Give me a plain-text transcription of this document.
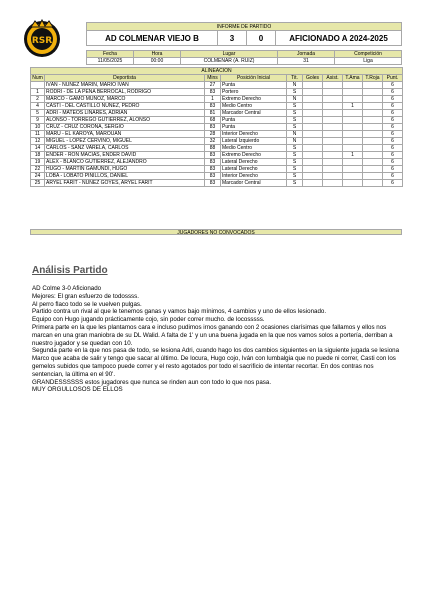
RSR
INFORME DE PARTIDO
AD COLMENAR VIEJO B	3	0	AFICIONADO A 2024-2025
Fecha	Hora	Lugar	Jornada	Competición
11/05/2025	00:00	COLMENAR (A. RUIZ)	31	Liga
ALINEACIÓN									
Num	Deportista	Mins	Posición Inicial	Tit.	Goles	Asist.	T.Ama	T.Roja	Punt.
	IVÁN - NUÑEZ MARIN, MARIO IVAN	27	Punta	N					6
1	RODRI - DE LA PEÑA BERROCAL, RODRIGO	83	Portero	S					6
2	MARCO - GAMO MUÑOZ, MARCO	1	Extremo Derecho	N					6
4	CASTI - DEL CASTILLO NUÑEZ, PEDRO	83	Medio Centro	S			1		6
5	ADRI - MATEOS LINARES, ADRIAN	81	Marcador Central	S					6
9	ALONSO - TORREGO GUTIERREZ, ALONSO	68	Punta	S					6
10	CRUZ - CRUZ CORONA, SERGIO	83	Punta	S					6
11	MARU - EL KAROYA, MAROUAN	28	Interior Derecho	N					6
12	MIGUEL - LOPEZ CERVIÑO, MIGUEL	32	Lateral Izquierdo	N					6
14	CARLOS - SANZ VARELA, CARLOS	88	Medio Centro	S					6
18	ENDER - RON MACIAS, ENDER DAVID	83	Extremo Derecho	S			1		6
19	ALEX - BLANCO GUTIERREZ, ALEJANDRO	83	Lateral Derecho	S					6
22	HUGO - MARTIN GAMUNDI, HUGO	83	Lateral Derecho	S					6
24	LOBA - LOBATO PINILLOS, DANIEL	83	Interior Derecho	S					6
25	ARYEL FARIT - NUÑEZ GOYES, ARYEL FARIT	83	Marcador Central	S					6
JUGADORES NO CONVOCADOS
Análisis Partido
AD Colme 3-0 Aficionado
Mejores: El gran esfuerzo de todossss.
Al perro flaco todo se le vuelven pulgas.
Partido contra un rival al que le tenemos ganas y vamos bajo mínimos, 4 cambios y uno de ellos lesionado.
Equipo con Hugo jugando prácticamente cojo, sin poder correr mucho. de locosssss.
Primera parte en la que les plantamos cara e incluso pudimos irnos ganando con 2 ocasiones clarísimas que fallamos y ellos nos marcan en una gran maniobra de su DL Walid. A falta de 1' y un una buena jugada en la que nos vamos solos a portería, derriban a nuestro jugador y se quedan con 10.
Segunda parte en la que nos pasa de todo, se lesiona Adri, cuando hago los dos cambios siguientes en la siguiente jugada se lesiona Marco que acaba de salir y tengo que sacar al último. De locura, Hugo cojo, Iván con lumbalgia que no puede ni correr, Casti con los gemelos subidos que tampoco puede correr y el resto agotados por todo el sacrificio de intentar recortar. En dos contras nos sentencian, la última en el 90'.
GRANDESSSSSS estos jugadores que nunca se rinden aun con todo lo que nos pasa.
MUY ORGULLOSOS DE ELLOS
